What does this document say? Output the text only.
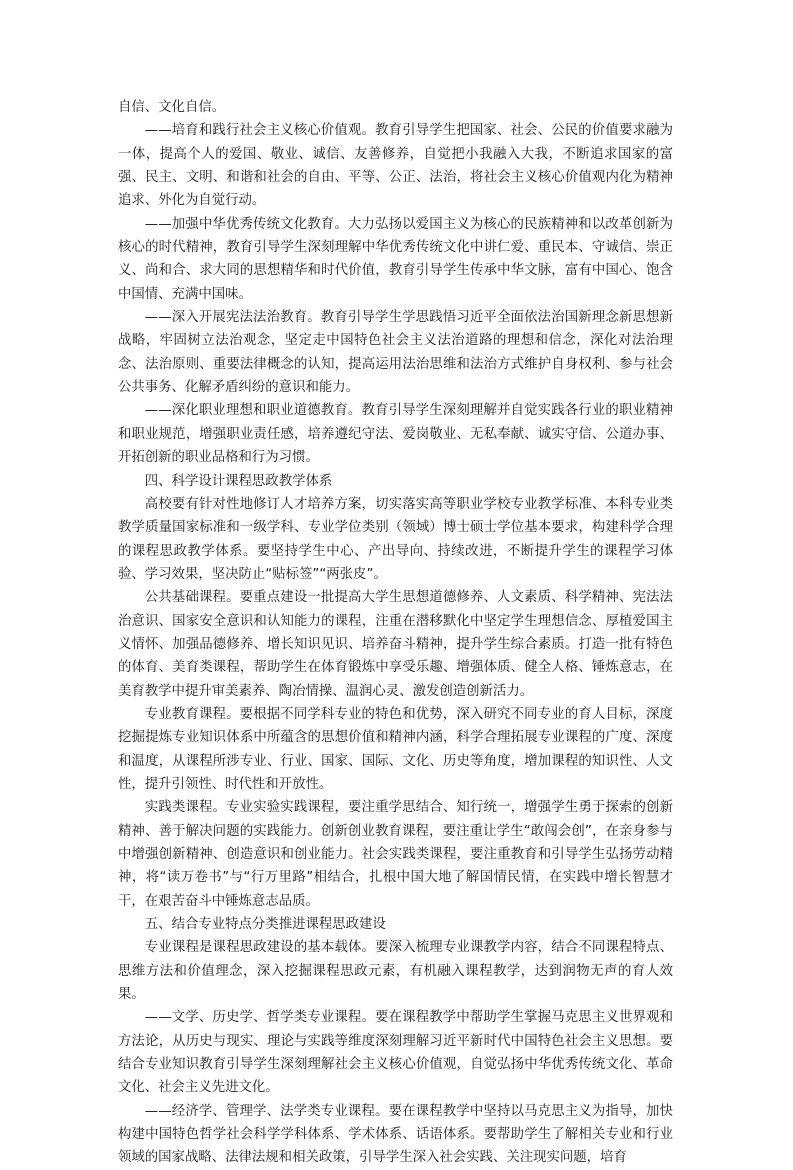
自信、文化自信。

——培育和践行社会主义核心价值观。教育引导学生把国家、社会、公民的价值要求融为一体，提高个人的爱国、敬业、诚信、友善修养，自觉把小我融入大我，不断追求国家的富强、民主、文明、和谐和社会的自由、平等、公正、法治，将社会主义核心价值观内化为精神追求、外化为自觉行动。

——加强中华优秀传统文化教育。大力弘扬以爱国主义为核心的民族精神和以改革创新为核心的时代精神，教育引导学生深刻理解中华优秀传统文化中讲仁爱、重民本、守诚信、崇正义、尚和合、求大同的思想精华和时代价值，教育引导学生传承中华文脉，富有中国心、饱含中国情、充满中国味。

——深入开展宪法法治教育。教育引导学生学思践悟习近平全面依法治国新理念新思想新战略，牢固树立法治观念，坚定走中国特色社会主义法治道路的理想和信念，深化对法治理念、法治原则、重要法律概念的认知，提高运用法治思维和法治方式维护自身权利、参与社会公共事务、化解矛盾纠纷的意识和能力。

——深化职业理想和职业道德教育。教育引导学生深刻理解并自觉实践各行业的职业精神和职业规范，增强职业责任感，培养遵纪守法、爱岗敬业、无私奉献、诚实守信、公道办事、开拓创新的职业品格和行为习惯。

四、科学设计课程思政教学体系

高校要有针对性地修订人才培养方案，切实落实高等职业学校专业教学标准、本科专业类教学质量国家标准和一级学科、专业学位类别（领域）博士硕士学位基本要求，构建科学合理的课程思政教学体系。要坚持学生中心、产出导向、持续改进，不断提升学生的课程学习体验、学习效果，坚决防止“贴标签”“两张皮”。

公共基础课程。要重点建设一批提高大学生思想道德修养、人文素质、科学精神、宪法法治意识、国家安全意识和认知能力的课程，注重在潜移默化中坚定学生理想信念、厚植爱国主义情怀、加强品德修养、增长知识见识、培养奋斗精神，提升学生综合素质。打造一批有特色的体育、美育类课程，帮助学生在体育锻炼中享受乐趣、增强体质、健全人格、锤炼意志，在美育教学中提升审美素养、陶冶情操、温润心灵、激发创造创新活力。

专业教育课程。要根据不同学科专业的特色和优势，深入研究不同专业的育人目标，深度挖掘提炼专业知识体系中所蕴含的思想价值和精神内涵，科学合理拓展专业课程的广度、深度和温度，从课程所涉专业、行业、国家、国际、文化、历史等角度，增加课程的知识性、人文性，提升引领性、时代性和开放性。

实践类课程。专业实验实践课程，要注重学思结合、知行统一，增强学生勇于探索的创新精神、善于解决问题的实践能力。创新创业教育课程，要注重让学生“敢闯会创”，在亲身参与中增强创新精神、创造意识和创业能力。社会实践类课程，要注重教育和引导学生弘扬劳动精神，将“读万卷书”与“行万里路”相结合，扎根中国大地了解国情民情，在实践中增长智慧才干，在艰苦奋斗中锤炼意志品质。

五、结合专业特点分类推进课程思政建设

专业课程是课程思政建设的基本载体。要深入梳理专业课教学内容，结合不同课程特点、思维方法和价值理念，深入挖掘课程思政元素，有机融入课程教学，达到润物无声的育人效果。

——文学、历史学、哲学类专业课程。要在课程教学中帮助学生掌握马克思主义世界观和方法论，从历史与现实、理论与实践等维度深刻理解习近平新时代中国特色社会主义思想。要结合专业知识教育引导学生深刻理解社会主义核心价值观，自觉弘扬中华优秀传统文化、革命文化、社会主义先进文化。

——经济学、管理学、法学类专业课程。要在课程教学中坚持以马克思主义为指导，加快构建中国特色哲学社会科学学科体系、学术体系、话语体系。要帮助学生了解相关专业和行业领域的国家战略、法律法规和相关政策，引导学生深入社会实践、关注现实问题，培育
